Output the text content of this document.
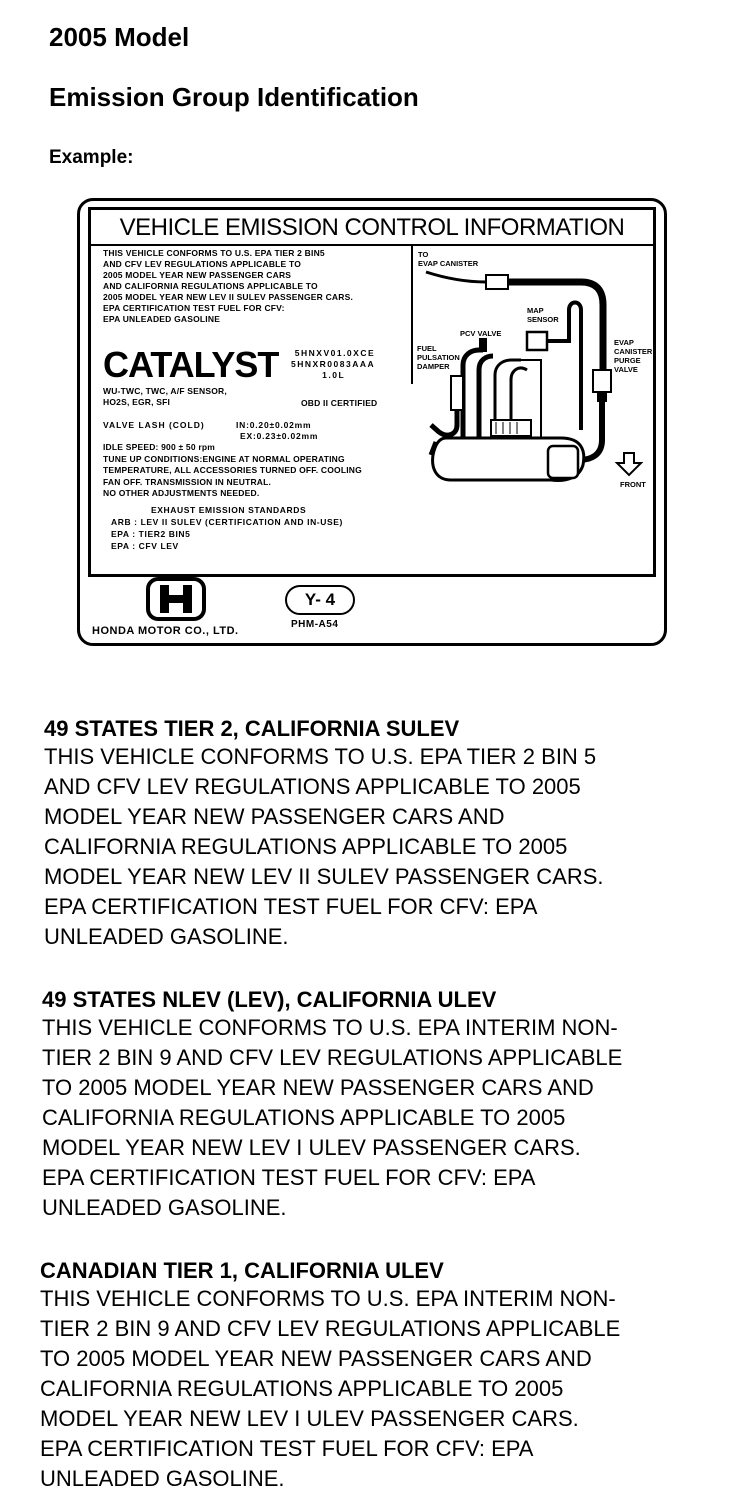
2005 Model
Emission Group Identification
Example:
VEHICLE EMISSION CONTROL INFORMATION
THIS VEHICLE CONFORMS TO U.S. EPA TIER 2 BIN5
AND CFV LEV REGULATIONS APPLICABLE TO
2005 MODEL YEAR NEW PASSENGER CARS
AND CALIFORNIA REGULATIONS APPLICABLE TO
2005 MODEL YEAR NEW LEV II SULEV PASSENGER CARS.
EPA CERTIFICATION TEST FUEL FOR CFV:
EPA UNLEADED GASOLINE
CATALYST	5HNXV01.0XCE
5HNXR0083AAA
1.0L
WU-TWC, TWC, A/F SENSOR,
HO2S, EGR, SFI	OBD II CERTIFIED
VALVE LASH (COLD)	IN:0.20±0.02mm
EX:0.23±0.02mm
IDLE SPEED: 900 ± 50 rpm
TUNE UP CONDITIONS:ENGINE AT NORMAL OPERATING
TEMPERATURE, ALL ACCESSORIES TURNED OFF. COOLING
FAN OFF. TRANSMISSION IN NEUTRAL.
NO OTHER ADJUSTMENTS NEEDED.
EXHAUST EMISSION STANDARDS
ARB : LEV II SULEV (CERTIFICATION AND IN-USE)
EPA : TIER2 BIN5
EPA : CFV LEV
TO
EVAP CANISTER
MAP
SENSOR
PCV VALVE
FUEL
PULSATION
DAMPER
EVAP
CANISTER
PURGE
VALVE
FRONT
HONDA MOTOR CO., LTD.
Y- 4
PHM-A54
49 STATES TIER 2, CALIFORNIA SULEV
THIS VEHICLE CONFORMS TO U.S. EPA TIER 2 BIN 5
AND CFV LEV REGULATIONS APPLICABLE TO 2005
MODEL YEAR NEW PASSENGER CARS AND
CALIFORNIA REGULATIONS APPLICABLE TO 2005
MODEL YEAR NEW LEV II SULEV PASSENGER CARS.
EPA CERTIFICATION TEST FUEL FOR CFV: EPA
UNLEADED GASOLINE.
49 STATES NLEV (LEV), CALIFORNIA ULEV
THIS VEHICLE CONFORMS TO U.S. EPA INTERIM NON-
TIER 2 BIN 9 AND CFV LEV REGULATIONS APPLICABLE
TO 2005 MODEL YEAR NEW PASSENGER CARS AND
CALIFORNIA REGULATIONS APPLICABLE TO 2005
MODEL YEAR NEW LEV I ULEV PASSENGER CARS.
EPA CERTIFICATION TEST FUEL FOR CFV: EPA
UNLEADED GASOLINE.
CANADIAN TIER 1, CALIFORNIA ULEV
THIS VEHICLE CONFORMS TO U.S. EPA INTERIM NON-
TIER 2 BIN 9 AND CFV LEV REGULATIONS APPLICABLE
TO 2005 MODEL YEAR NEW PASSENGER CARS AND
CALIFORNIA REGULATIONS APPLICABLE TO 2005
MODEL YEAR NEW LEV I ULEV PASSENGER CARS.
EPA CERTIFICATION TEST FUEL FOR CFV: EPA
UNLEADED GASOLINE.
